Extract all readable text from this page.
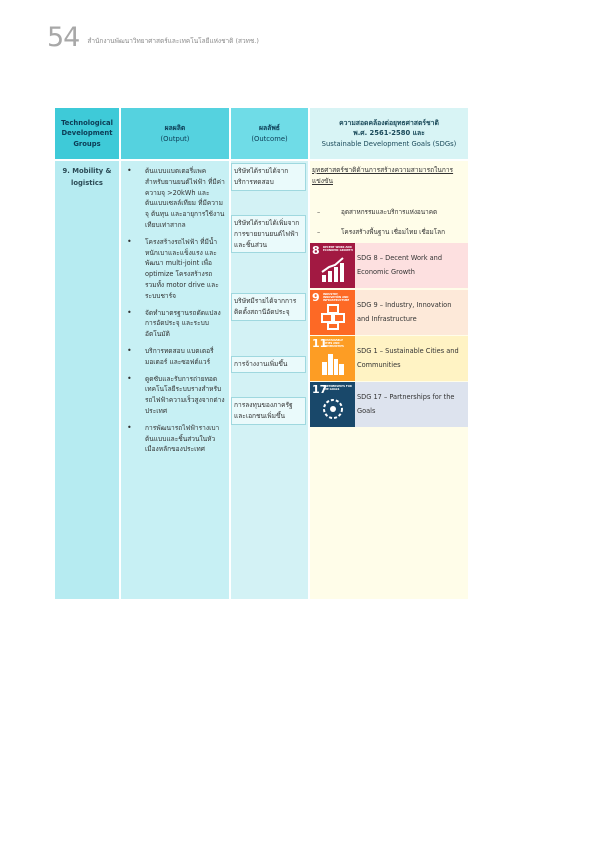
54 สำนักงานพัฒนาวิทยาศาสตร์และเทคโนโลยีแห่งชาติ (สวทช.)
Technological
Development
Groups
ผลผลิต
(Output)
ผลลัพธ์
(Outcome)
ความสอดคล้องต่อยุทธศาสตร์ชาติ
พ.ศ. 2561-2580 และ
Sustainable Development Goals (SDGs)
9. Mobility &
logistics
• ต้นแบบแบตเตอรี่แพค สำหรับยานยนต์ไฟฟ้า ที่มีค่าความจุ >20kWh และต้นแบบเซลล์เทียม ที่มีความจุ ต้นทุน และอายุการใช้งานเทียบเท่าสากล
• โครงสร้างรถไฟฟ้า ที่มีน้ำหนักเบาและแข็งแรง และพัฒนา multi-joint เพื่อ optimize โครงสร้างรถ รวมทั้ง motor drive และระบบชาร์จ
• จัดทำมาตรฐานรถดัดแปลง การอัดประจุ และระบบอัตโนมัติ
• บริการทดสอบ แบตเตอรี่ มอเตอร์ และซอฟต์แวร์
• ดูดซับและรับการถ่ายทอดเทคโนโลยีระบบรางสำหรับรถไฟฟ้าความเร็วสูงจากต่างประเทศ
• การพัฒนารถไฟฟ้ารางเบาต้นแบบและชิ้นส่วนในหัวเมืองหลักของประเทศ
บริษัทได้รายได้จากบริการทดสอบ
บริษัทได้รายได้เพิ่มจากการขายยานยนต์ไฟฟ้า และชิ้นส่วน
บริษัทมีรายได้จากการติดตั้งสถานีอัดประจุ
การจ้างงานเพิ่มขึ้น
การลงทุนของภาครัฐและเอกชนเพิ่มขึ้น
ยุทธศาสตร์ชาติด้านการสร้างความสามารถในการแข่งขัน
–	อุตสาหกรรมและบริการแห่งอนาคต
–	โครงสร้างพื้นฐาน เชื่อมไทย เชื่อมโลก
8 DECENT WORK AND ECONOMIC GROWTH
SDG 8 – Decent Work and Economic Growth
9 INDUSTRY, INNOVATION AND INFRASTRUCTURE
SDG 9 – Industry, Innovation and Infrastructure
11
SUSTAINABLE CITIES AND COMMUNITIES
SDG 1 – Sustainable Cities and Communities
17
PARTNERSHIPS FOR THE GOALS
SDG 17 – Partnerships for the Goals
